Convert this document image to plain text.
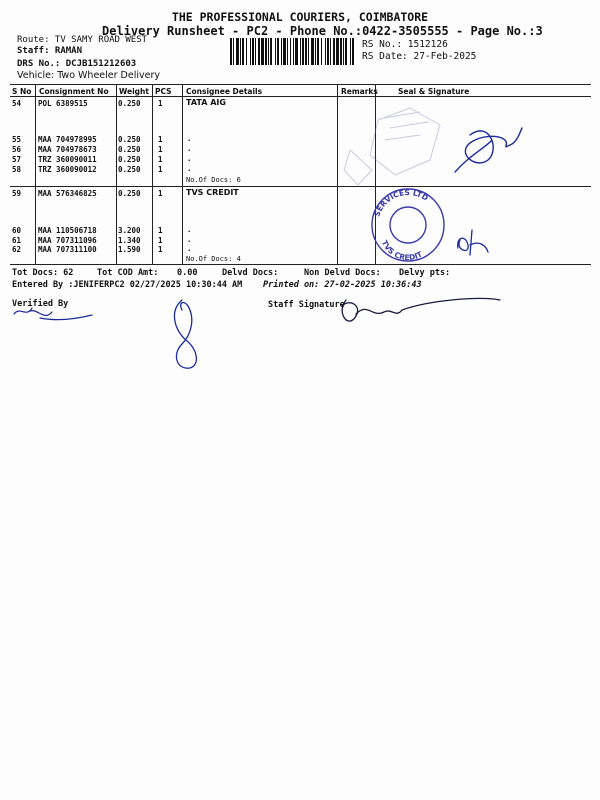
THE PROFESSIONAL COURIERS, COIMBATORE
Delivery Runsheet - PC2 - Phone No.:0422-3505555 - Page No.:3
Route: TV SAMY ROAD WEST
Staff: RAMAN
DRS No.: DCJB151212603
Vehicle: Two Wheeler Delivery
RS No.: 1512126
RS Date: 27-Feb-2025
S No Consignment No Weight PCS Consignee Details	Remarks	Seal & Signature
54 POL 6389515	0.250 1	TATA AIG
55 MAA 704978995	0.250 1	.
56 MAA 704978673	0.250 1	.
57 TRZ 360090011	0.250 1	.
58 TRZ 360090012	0.250 1	.
No.Of Docs: 6
59 MAA 576346825	0.250 1	TVS CREDIT
60 MAA 110506718	3.200 1	.
61 MAA 707311096	1.340 1	.
62 MAA 707311100	1.590 1	.
No.Of Docs: 4
Tot Docs: 62	Tot COD Amt: 0.00	Delvd Docs:	Non Delvd Docs: Delvy pts:
Entered By :JENIFERPC2 02/27/2025 10:30:44 AM Printed on: 27-02-2025 10:36:43
Verified By	Staff Signature
SERVICES LTD
TVS CREDIT
